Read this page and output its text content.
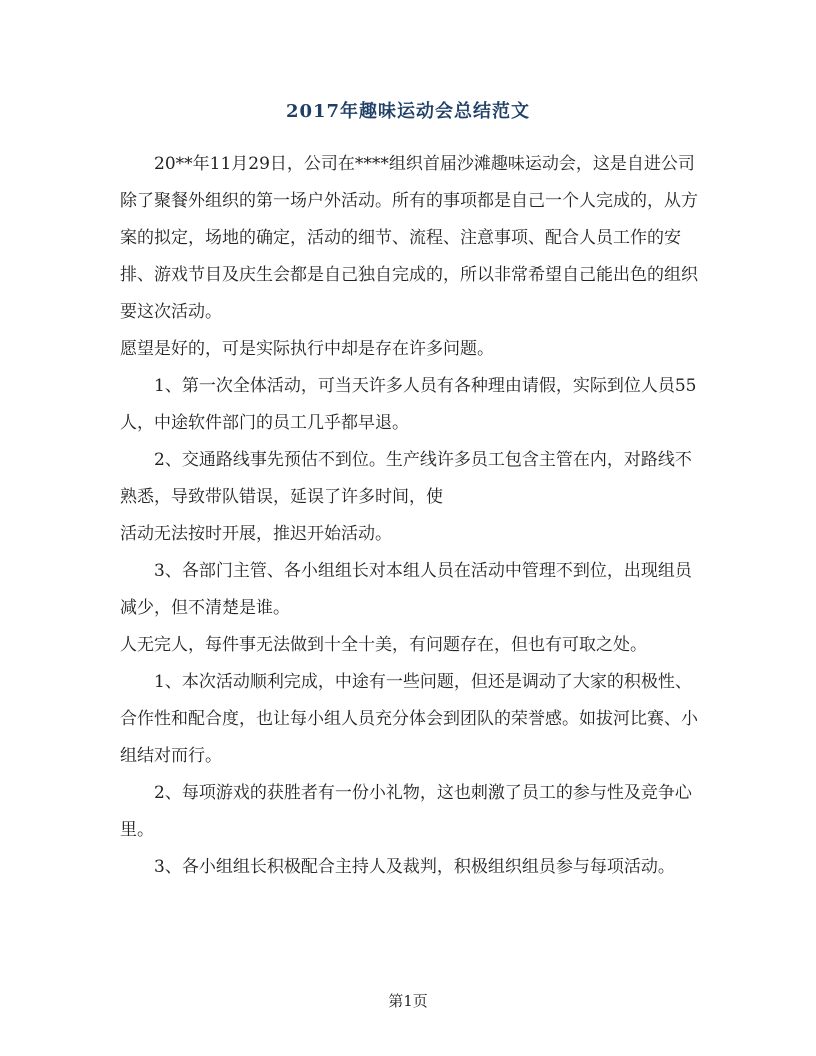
2017年趣味运动会总结范文

20**年11月29日，公司在****组织首届沙滩趣味运动会，这是自进公司除了聚餐外组织的第一场户外活动。所有的事项都是自己一个人完成的，从方案的拟定，场地的确定，活动的细节、流程、注意事项、配合人员工作的安排、游戏节目及庆生会都是自己独自完成的，所以非常希望自己能出色的组织要这次活动。

愿望是好的，可是实际执行中却是存在许多问题。

1、第一次全体活动，可当天许多人员有各种理由请假，实际到位人员55人，中途软件部门的员工几乎都早退。

2、交通路线事先预估不到位。生产线许多员工包含主管在内，对路线不熟悉，导致带队错误，延误了许多时间，使

活动无法按时开展，推迟开始活动。

3、各部门主管、各小组组长对本组人员在活动中管理不到位，出现组员减少，但不清楚是谁。

人无完人，每件事无法做到十全十美，有问题存在，但也有可取之处。

1、本次活动顺利完成，中途有一些问题，但还是调动了大家的积极性、合作性和配合度，也让每小组人员充分体会到团队的荣誉感。如拔河比赛、小组结对而行。

2、每项游戏的获胜者有一份小礼物，这也刺激了员工的参与性及竞争心里。

3、各小组组长积极配合主持人及裁判，积极组织组员参与每项活动。

第1页
